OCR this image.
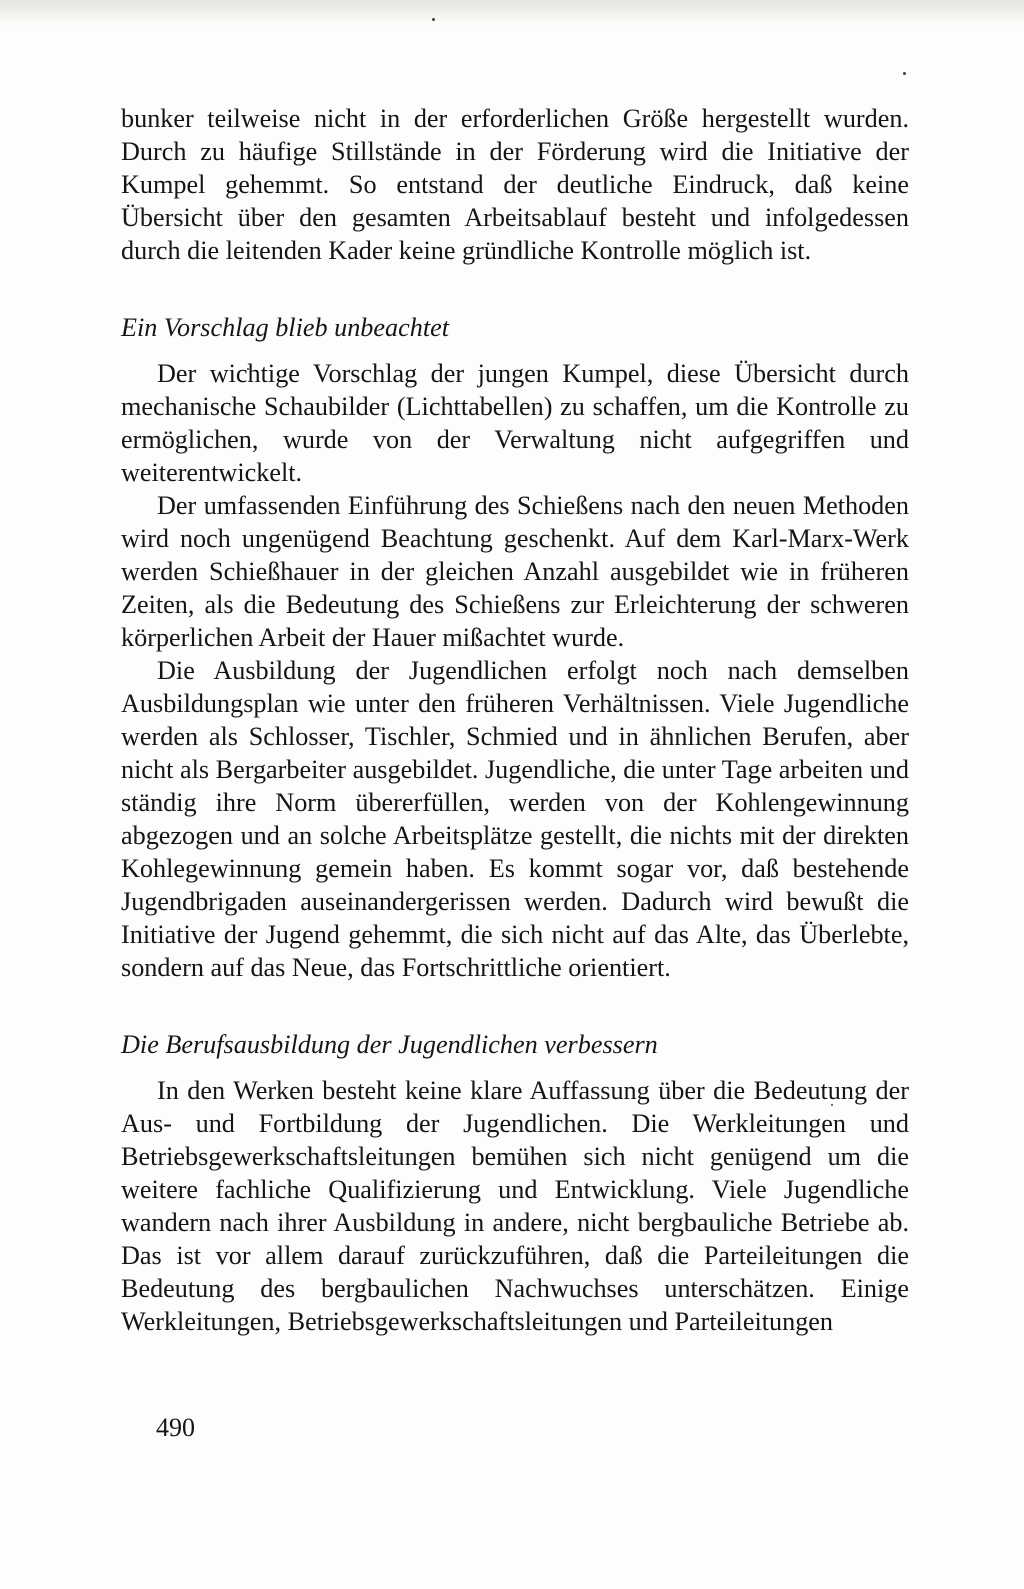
bunker teilweise nicht in der erforderlichen Größe hergestellt wurden. Durch zu häufige Stillstände in der Förderung wird die Initiative der Kumpel gehemmt. So entstand der deutliche Eindruck, daß keine Übersicht über den gesamten Arbeitsablauf besteht und infolgedessen durch die leitenden Kader keine gründliche Kontrolle möglich ist.

Ein Vorschlag blieb unbeachtet

Der wichtige Vorschlag der jungen Kumpel, diese Übersicht durch mechanische Schaubilder (Lichttabellen) zu schaffen, um die Kontrolle zu ermöglichen, wurde von der Verwaltung nicht aufgegriffen und weiterentwickelt.

Der umfassenden Einführung des Schießens nach den neuen Methoden wird noch ungenügend Beachtung geschenkt. Auf dem Karl-Marx-Werk werden Schießhauer in der gleichen Anzahl ausgebildet wie in früheren Zeiten, als die Bedeutung des Schießens zur Erleichterung der schweren körperlichen Arbeit der Hauer mißachtet wurde.

Die Ausbildung der Jugendlichen erfolgt noch nach demselben Ausbildungsplan wie unter den früheren Verhältnissen. Viele Jugendliche werden als Schlosser, Tischler, Schmied und in ähnlichen Berufen, aber nicht als Bergarbeiter ausgebildet. Jugendliche, die unter Tage arbeiten und ständig ihre Norm übererfüllen, werden von der Kohlengewinnung abgezogen und an solche Arbeitsplätze gestellt, die nichts mit der direkten Kohlegewinnung gemein haben. Es kommt sogar vor, daß bestehende Jugendbrigaden auseinandergerissen werden. Dadurch wird bewußt die Initiative der Jugend gehemmt, die sich nicht auf das Alte, das Überlebte, sondern auf das Neue, das Fortschrittliche orientiert.

Die Berufsausbildung der Jugendlichen verbessern

In den Werken besteht keine klare Auffassung über die Bedeutung der Aus- und Fortbildung der Jugendlichen. Die Werkleitungen und Betriebsgewerkschaftsleitungen bemühen sich nicht genügend um die weitere fachliche Qualifizierung und Entwicklung. Viele Jugendliche wandern nach ihrer Ausbildung in andere, nicht bergbauliche Betriebe ab. Das ist vor allem darauf zurückzuführen, daß die Parteileitungen die Bedeutung des bergbaulichen Nachwuchses unterschätzen. Einige Werkleitungen, Betriebsgewerkschaftsleitungen und Parteileitungen

490
